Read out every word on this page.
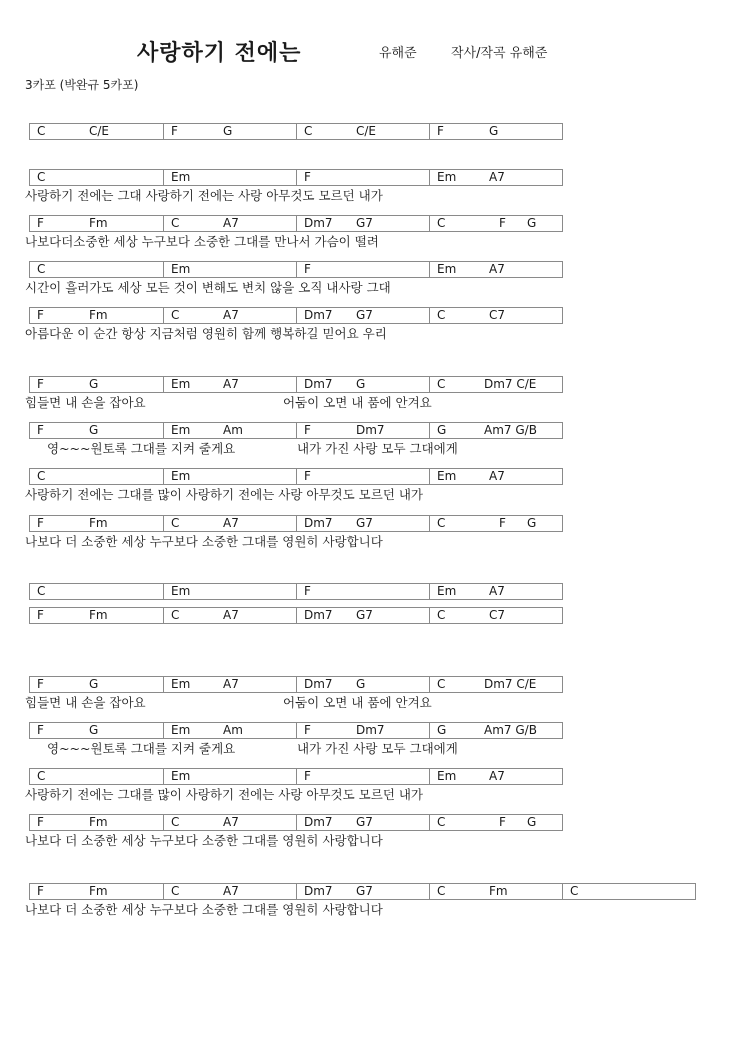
사랑하기 전에는	유해준	작사/작곡 유해준
3카포 (박완규 5카포)
C	C/E	F	G	C	C/E	F	G
C	Em	F	Em	A7
사랑하기 전에는 그대 사랑하기 전에는 사랑 아무것도 모르던 내가
F	Fm	C	A7	Dm7 G7	C	F G
나보다더소중한 세상 누구보다 소중한 그대를 만나서 가슴이 떨려
C	Em	F	Em	A7
시간이 흘러가도 세상 모든 것이 변해도 변치 않을 오직 내사랑 그대
F	Fm	C	A7	Dm7 G7	C	C7
아름다운 이 순간 항상 지금처럼 영원히 함께 행복하길 믿어요 우리
F	G	Em	A7	Dm7 G	C	Dm7 C/E
힘들면 내 손을 잡아요	어둠이 오면 내 품에 안겨요
F	G	Em	Am	F	Dm7	G	Am7 G/B
영~~~원토록 그대를 지켜 줄게요	내가 가진 사랑 모두 그대에게
C	Em	F	Em	A7
사랑하기 전에는 그대를 많이 사랑하기 전에는 사랑 아무것도 모르던 내가
F	Fm	C	A7	Dm7 G7	C	F G
나보다 더 소중한 세상 누구보다 소중한 그대를 영원히 사랑합니다
C	Em	F	Em	A7
F	Fm	C	A7	Dm7 G7	C	C7
F	G	Em	A7	Dm7 G	C	Dm7 C/E
힘들면 내 손을 잡아요	어둠이 오면 내 품에 안겨요
F	G	Em	Am	F	Dm7	G	Am7 G/B
영~~~원토록 그대를 지켜 줄게요	내가 가진 사랑 모두 그대에게
C	Em	F	Em	A7
사랑하기 전에는 그대를 많이 사랑하기 전에는 사랑 아무것도 모르던 내가
F	Fm	C	A7	Dm7 G7	C	F G
나보다 더 소중한 세상 누구보다 소중한 그대를 영원히 사랑합니다
F	Fm	C	A7	Dm7 G7	C	Fm	C
나보다 더 소중한 세상 누구보다 소중한 그대를 영원히 사랑합니다
